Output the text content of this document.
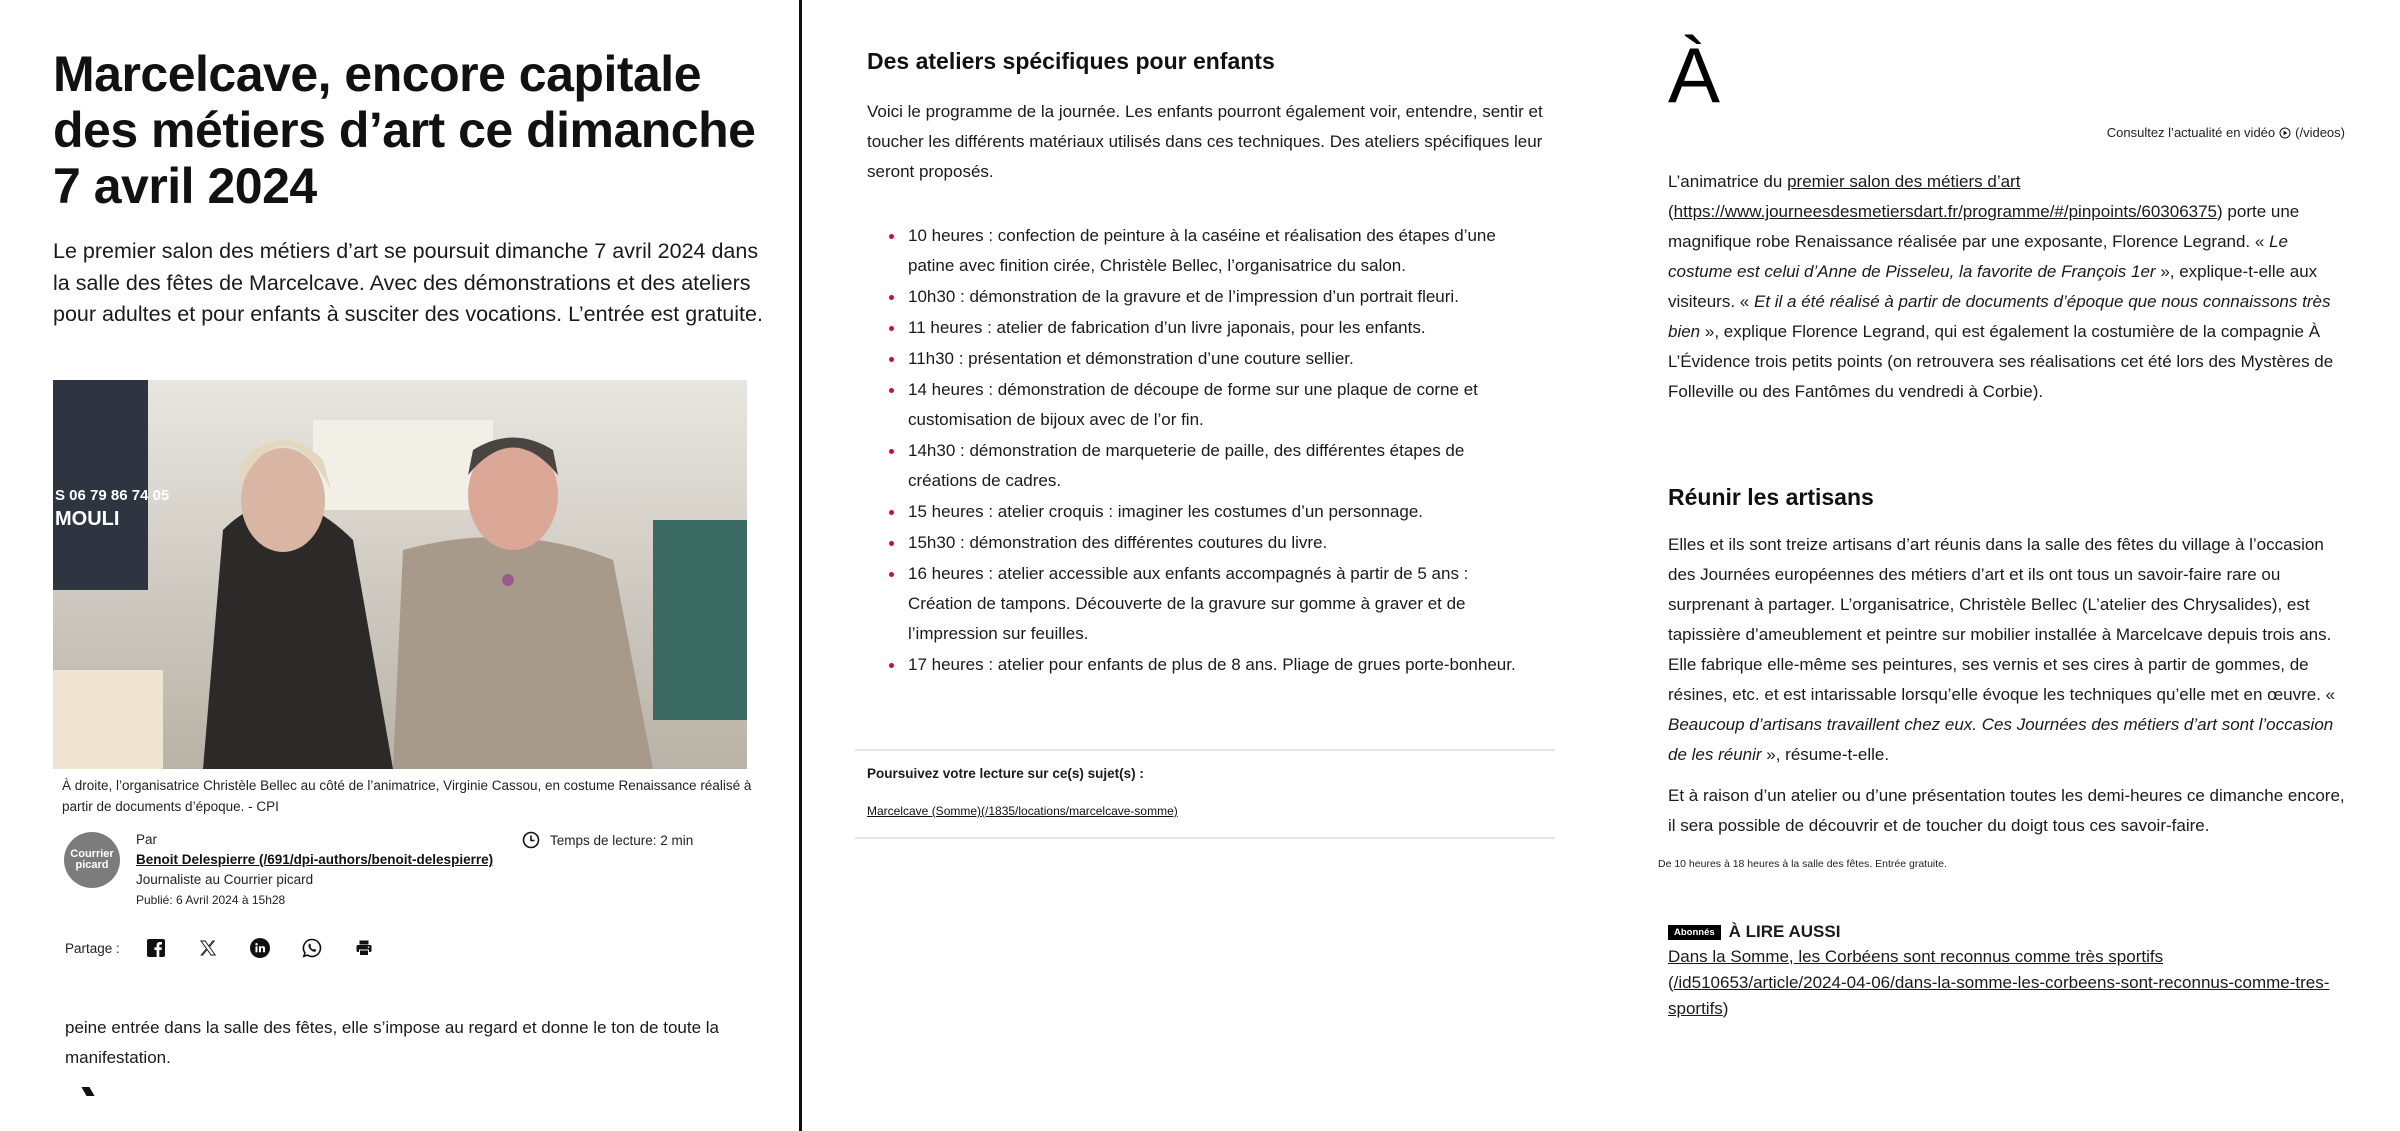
Marcelcave, encore capitale des métiers d’art ce dimanche 7 avril 2024

Le premier salon des métiers d’art se poursuit dimanche 7 avril 2024 dans la salle des fêtes de Marcelcave. Avec des démonstrations et des ateliers pour adultes et pour enfants à susciter des vocations. L’entrée est gratuite.

S 06 79 86 74 05
MOULI

À droite, l’organisatrice Christèle Bellec au côté de l’animatrice, Virginie Cassou, en costume Renaissance réalisé à partir de documents d’époque. - CPI

Courrier
picard
Par
Benoit Delespierre (/691/dpi-authors/benoit-delespierre)
Journaliste au Courrier picard
Publié: 6 Avril 2024 à 15h28
Temps de lecture: 2 min
Partage :

peine entrée dans la salle des fêtes, elle s’impose au regard et donne le ton de toute la manifestation.

Des ateliers spécifiques pour enfants

Voici le programme de la journée. Les enfants pourront également voir, entendre, sentir et toucher les différents matériaux utilisés dans ces techniques. Des ateliers spécifiques leur seront proposés.

10 heures : confection de peinture à la caséine et réalisation des étapes d’une patine avec finition cirée, Christèle Bellec, l’organisatrice du salon.
10h30 : démonstration de la gravure et de l’impression d’un portrait fleuri.
11 heures : atelier de fabrication d’un livre japonais, pour les enfants.
11h30 : présentation et démonstration d’une couture sellier.
14 heures : démonstration de découpe de forme sur une plaque de corne et customisation de bijoux avec de l’or fin.
14h30 : démonstration de marqueterie de paille, des différentes étapes de créations de cadres.
15 heures : atelier croquis : imaginer les costumes d’un personnage.
15h30 : démonstration des différentes coutures du livre.
16 heures : atelier accessible aux enfants accompagnés à partir de 5 ans : Création de tampons. Découverte de la gravure sur gomme à graver et de l’impression sur feuilles.
17 heures : atelier pour enfants de plus de 8 ans. Pliage de grues porte-bonheur.
Poursuivez votre lecture sur ce(s) sujet(s) :
Marcelcave (Somme)(/1835/locations/marcelcave-somme)
À
Consultez l’actualité en vidéo (/videos)

L’animatrice du premier salon des métiers d’art (https://www.journeesdesmetiersdart.fr/programme/#/pinpoints/60306375) porte une magnifique robe Renaissance réalisée par une exposante, Florence Legrand. « Le costume est celui d’Anne de Pisseleu, la favorite de François 1er », explique-t-elle aux visiteurs. « Et il a été réalisé à partir de documents d’époque que nous connaissons très bien », explique Florence Legrand, qui est également la costumière de la compagnie À L’Évidence trois petits points (on retrouvera ses réalisations cet été lors des Mystères de Folleville ou des Fantômes du vendredi à Corbie).

Réunir les artisans

Elles et ils sont treize artisans d’art réunis dans la salle des fêtes du village à l’occasion des Journées européennes des métiers d’art et ils ont tous un savoir-faire rare ou surprenant à partager. L’organisatrice, Christèle Bellec (L’atelier des Chrysalides), est tapissière d’ameublement et peintre sur mobilier installée à Marcelcave depuis trois ans. Elle fabrique elle-même ses peintures, ses vernis et ses cires à partir de gommes, de résines, etc. et est intarissable lorsqu’elle évoque les techniques qu’elle met en œuvre. « Beaucoup d’artisans travaillent chez eux. Ces Journées des métiers d’art sont l’occasion de les réunir », résume-t-elle.

Et à raison d’un atelier ou d’une présentation toutes les demi-heures ce dimanche encore, il sera possible de découvrir et de toucher du doigt tous ces savoir-faire.

De 10 heures à 18 heures à la salle des fêtes. Entrée gratuite.
Abonnés À LIRE AUSSI
Dans la Somme, les Corbéens sont reconnus comme très sportifs
(/id510653/article/2024-04-06/dans-la-somme-les-corbeens-sont-reconnus-comme-tres-sportifs)
